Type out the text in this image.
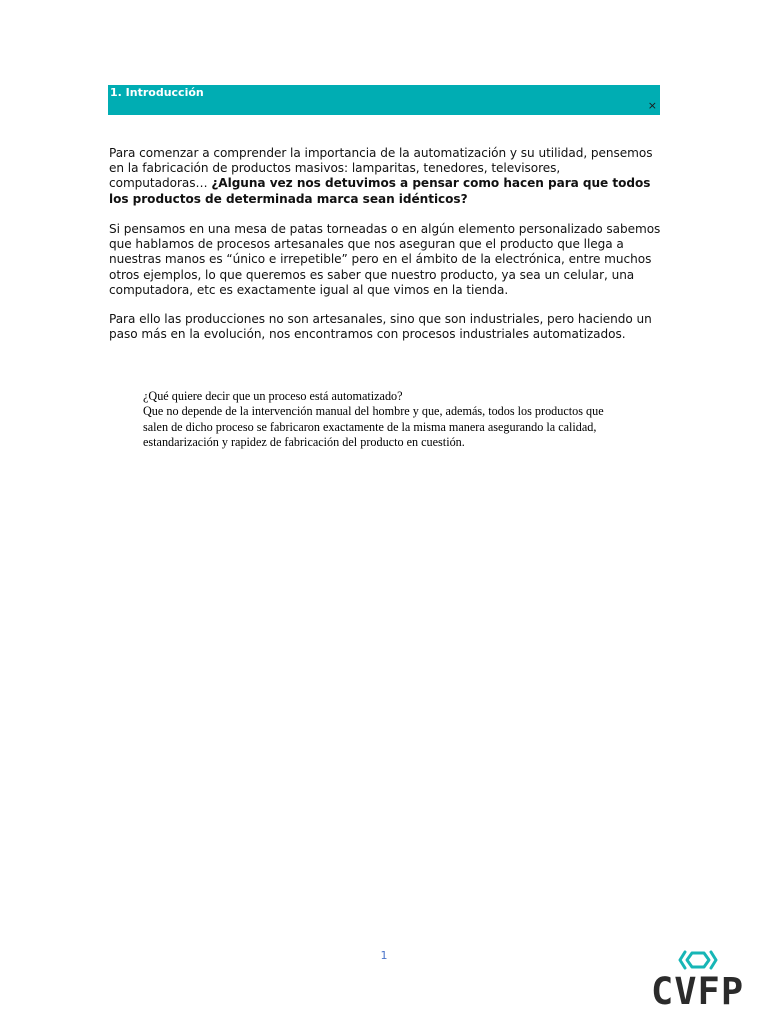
1. Introducción
×

Para comenzar a comprender la importancia de la automatización y su utilidad, pensemos en la fabricación de productos masivos: lamparitas, tenedores, televisores, computadoras… ¿Alguna vez nos detuvimos a pensar como hacen para que todos los productos de determinada marca sean idénticos?

Si pensamos en una mesa de patas torneadas o en algún elemento personalizado sabemos que hablamos de procesos artesanales que nos aseguran que el producto que llega a nuestras manos es “único e irrepetible” pero en el ámbito de la electrónica, entre muchos otros ejemplos, lo que queremos es saber que nuestro producto, ya sea un celular, una computadora, etc es exactamente igual al que vimos en la tienda.

Para ello las producciones no son artesanales, sino que son industriales, pero haciendo un paso más en la evolución, nos encontramos con procesos industriales automatizados.

¿Qué quiere decir que un proceso está automatizado?

Que no depende de la intervención manual del hombre y que, además, todos los productos que salen de dicho proceso se fabricaron exactamente de la misma manera asegurando la calidad, estandarización y rapidez de fabricación del producto en cuestión.

1
CVFP
